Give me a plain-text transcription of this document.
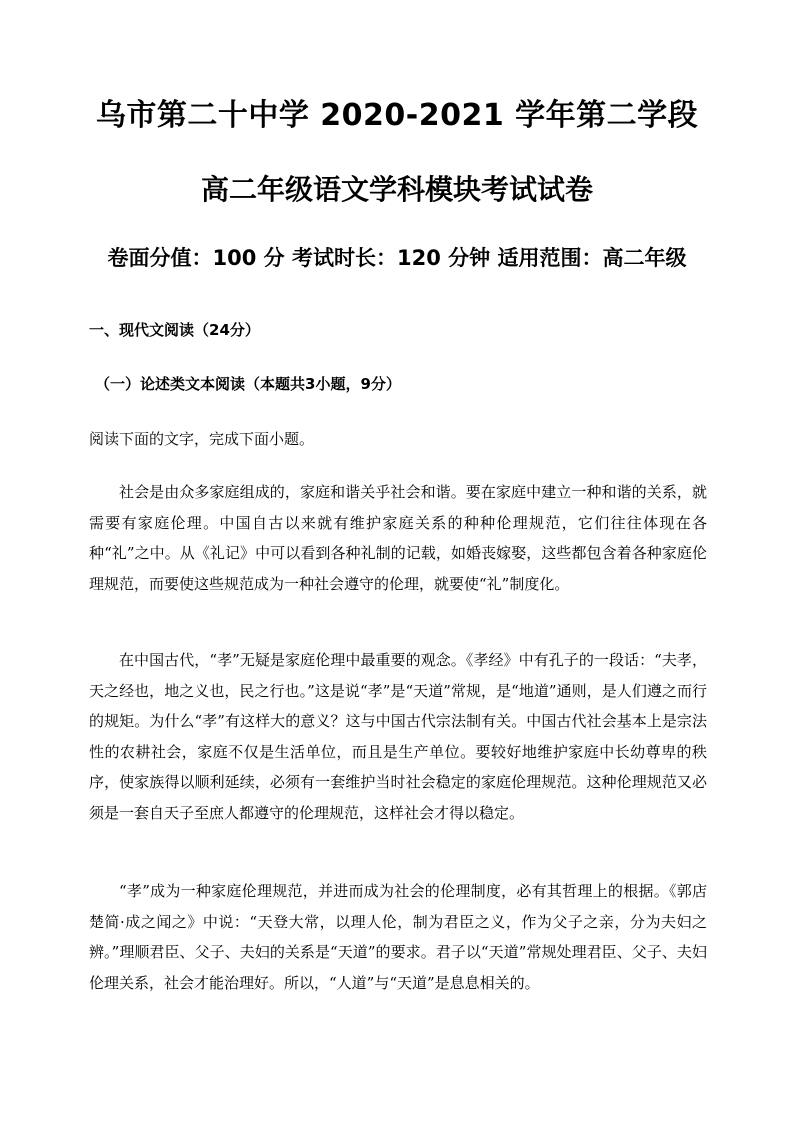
乌市第二十中学 2020-2021 学年第二学段
高二年级语文学科模块考试试卷
卷面分值：100 分 考试时长：120 分钟 适用范围：高二年级
一、现代文阅读（24分）
（一）论述类文本阅读（本题共3小题，9分）
阅读下面的文字，完成下面小题。

社会是由众多家庭组成的，家庭和谐关乎社会和谐。要在家庭中建立一种和谐的关系，就需要有家庭伦理。中国自古以来就有维护家庭关系的种种伦理规范，它们往往体现在各种“礼”之中。从《礼记》中可以看到各种礼制的记载，如婚丧嫁娶，这些都包含着各种家庭伦理规范，而要使这些规范成为一种社会遵守的伦理，就要使“礼”制度化。

在中国古代，“孝”无疑是家庭伦理中最重要的观念。《孝经》中有孔子的一段话：“夫孝，天之经也，地之义也，民之行也。”这是说“孝”是“天道”常规，是“地道”通则，是人们遵之而行的规矩。为什么“孝”有这样大的意义？这与中国古代宗法制有关。中国古代社会基本上是宗法性的农耕社会，家庭不仅是生活单位，而且是生产单位。要较好地维护家庭中长幼尊卑的秩序，使家族得以顺利延续，必须有一套维护当时社会稳定的家庭伦理规范。这种伦理规范又必须是一套自天子至庶人都遵守的伦理规范，这样社会才得以稳定。

“孝”成为一种家庭伦理规范，并进而成为社会的伦理制度，必有其哲理上的根据。《郭店楚简·成之闻之》中说：“天登大常，以理人伦，制为君臣之义，作为父子之亲，分为夫妇之辨。”理顺君臣、父子、夫妇的关系是“天道”的要求。君子以“天道”常规处理君臣、父子、夫妇伦理关系，社会才能治理好。所以，“人道”与“天道”是息息相关的。
